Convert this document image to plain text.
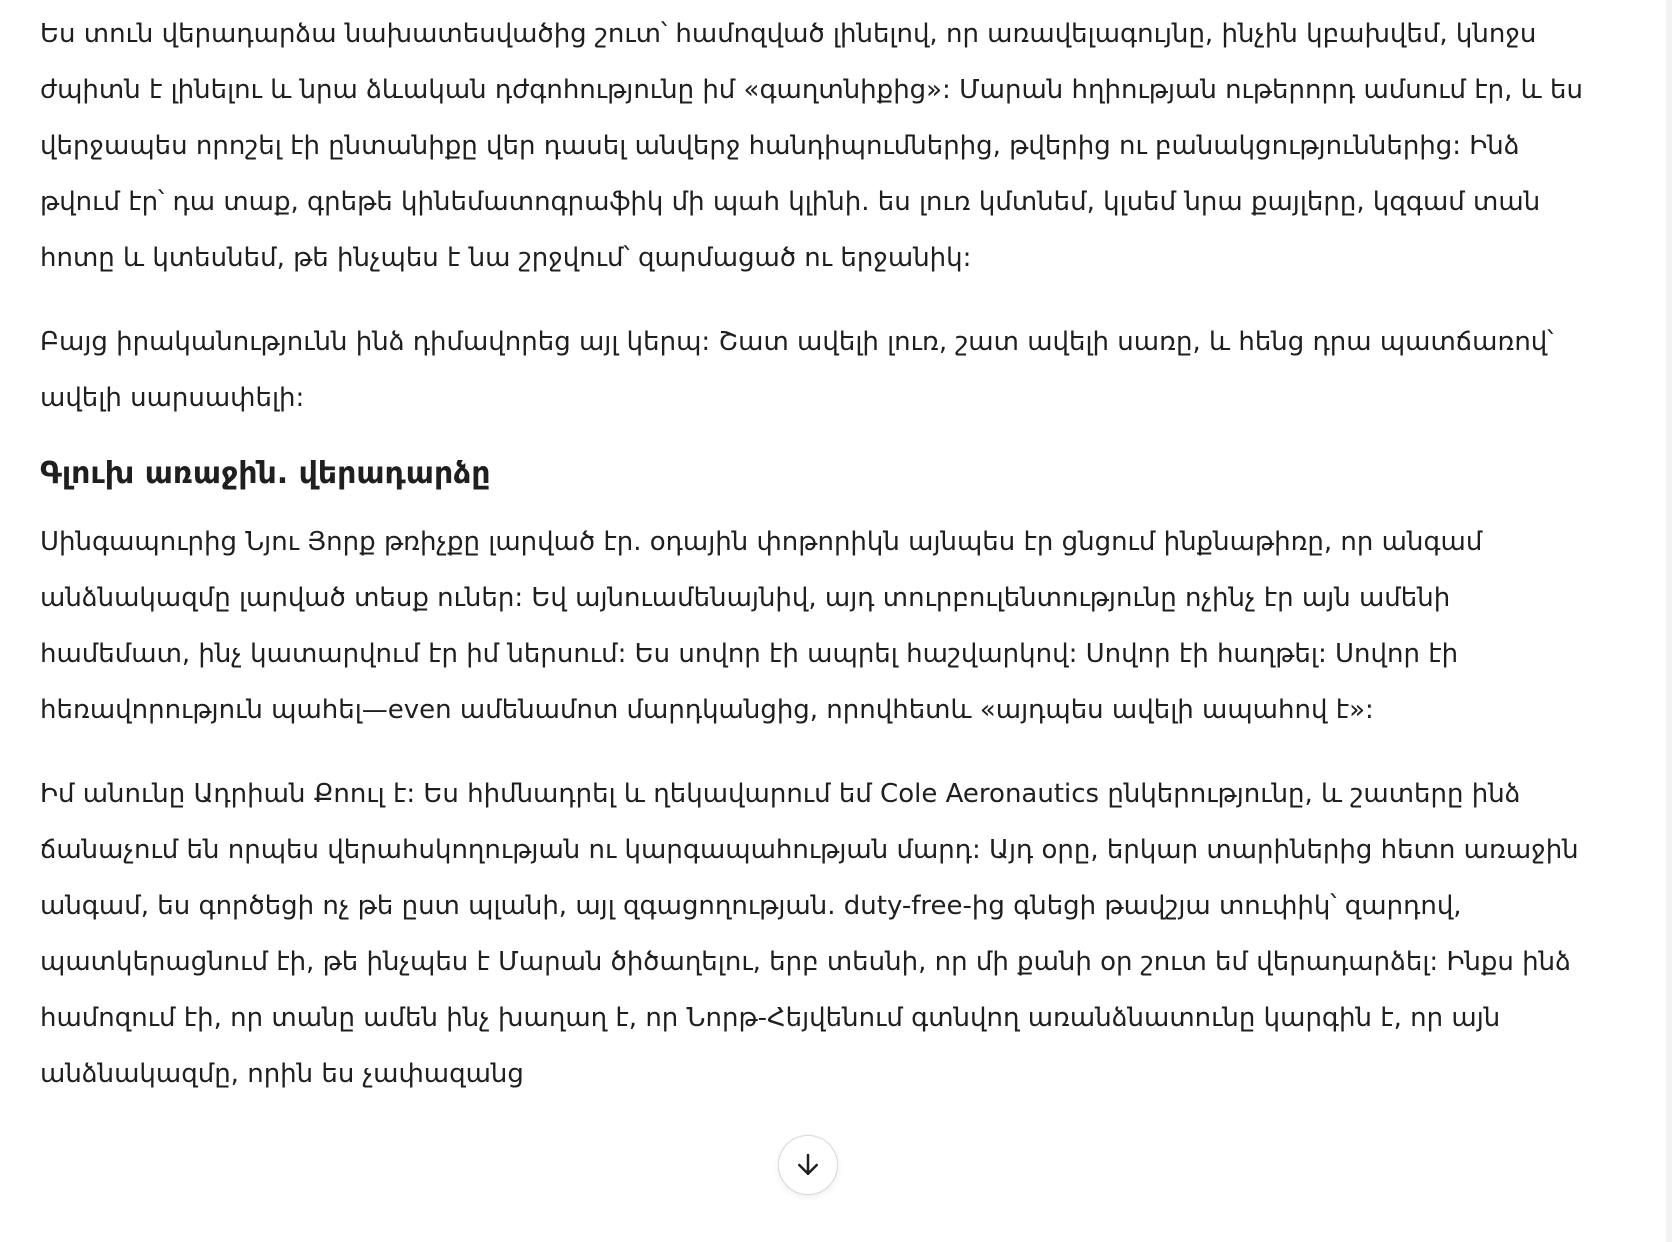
Ես տուն վերադարձա նախատեսվածից շուտ՝ համոզված լինելով, որ առավելագույնը, ինչին կբախվեմ, կնոջս ժպիտն է լինելու և նրա ձևական դժգոհությունը իմ «գաղտնիքից»: Մարան հղիության ութերորդ ամսում էր, և ես վերջապես որոշել էի ընտանիքը վեր դասել անվերջ հանդիպումներից, թվերից ու բանակցություններից: Ինձ թվում էր՝ դա տաք, գրեթե կինեմատոգրաֆիկ մի պահ կլինի. ես լուռ կմտնեմ, կլսեմ նրա քայլերը, կզգամ տան հոտը և կտեսնեմ, թե ինչպես է նա շրջվում՝ զարմացած ու երջանիկ:

Բայց իրականությունն ինձ դիմավորեց այլ կերպ: Շատ ավելի լուռ, շատ ավելի սառը, և հենց դրա պատճառով՝ ավելի սարսափելի:

Գլուխ առաջին. վերադարձը

Սինգապուրից Նյու Յորք թռիչքը լարված էր. օդային փոթորիկն այնպես էր ցնցում ինքնաթիռը, որ անգամ անձնակազմը լարված տեսք ուներ: Եվ այնուամենայնիվ, այդ տուրբուլենտությունը ոչինչ էր այն ամենի համեմատ, ինչ կատարվում էր իմ ներսում: Ես սովոր էի ապրել հաշվարկով: Սովոր էի հաղթել: Սովոր էի հեռավորություն պահել—even ամենամոտ մարդկանցից, որովհետև «այդպես ավելի ապահով է»:

Իմ անունը Ադրիան Քոուլ է: Ես հիմնադրել և ղեկավարում եմ Cole Aeronautics ընկերությունը, և շատերը ինձ ճանաչում են որպես վերահսկողության ու կարգապահության մարդ: Այդ օրը, երկար տարիներից հետո առաջին անգամ, ես գործեցի ոչ թե ըստ պլանի, այլ զգացողության. duty-free-ից գնեցի թավշյա տուփիկ՝ զարդով, պատկերացնում էի, թե ինչպես է Մարան ծիծաղելու, երբ տեսնի, որ մի քանի օր շուտ եմ վերադարձել: Ինքս ինձ համոզում էի, որ տանը ամեն ինչ խաղաղ է, որ Նորթ-Հեյվենում գտնվող առանձնատունը կարգին է, որ այն անձնակազմը, որին ես չափազանց
